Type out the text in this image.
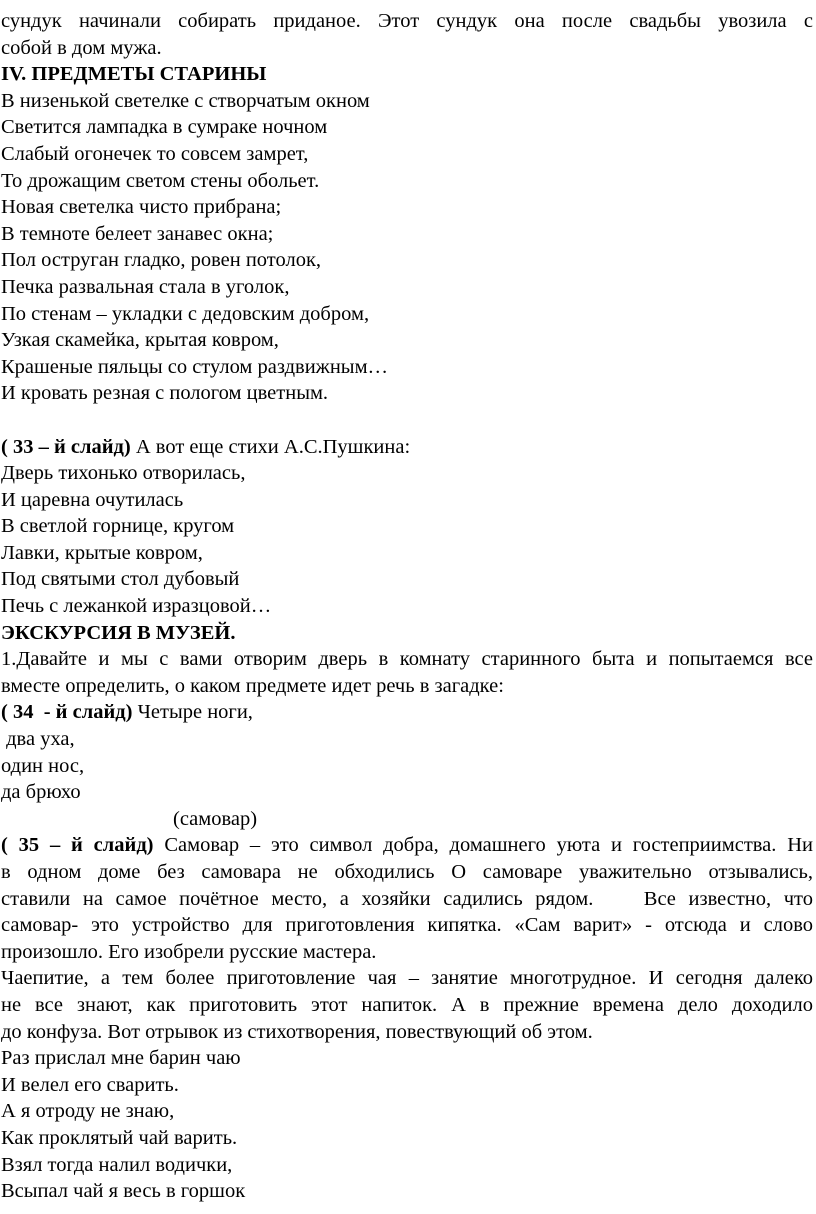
сундук начинали собирать приданое. Этот сундук она после свадьбы увозила с
собой в дом мужа.
IV. ПРЕДМЕТЫ СТАРИНЫ
В низенькой светелке с створчатым окном
Светится лампадка в сумраке ночном
Слабый огонечек то совсем замрет,
То дрожащим светом стены обольет.
Новая светелка чисто прибрана;
В темноте белеет занавес окна;
Пол оструган гладко, ровен потолок,
Печка развальная стала в уголок,
По стенам – укладки с дедовским добром,
Узкая скамейка, крытая ковром,
Крашеные пяльцы со стулом раздвижным…
И кровать резная с пологом цветным.
( 33 – й слайд) А вот еще стихи А.С.Пушкина:
Дверь тихонько отворилась,
И царевна очутилась
В светлой горнице, кругом
Лавки, крытые ковром,
Под святыми стол дубовый
Печь с лежанкой изразцовой…
ЭКСКУРСИЯ В МУЗЕЙ.
1.Давайте и мы с вами отворим дверь в комнату старинного быта и попытаемся все
вместе определить, о каком предмете идет речь в загадке:
( 34  - й слайд) Четыре ноги,
два уха,
один нос,
да брюхо
(самовар)
( 35 – й слайд) Самовар – это символ добра, домашнего уюта и гостеприимства. Ни
в одном доме без самовара не обходились О самоваре уважительно отзывались,
ставили на самое почётное место, а хозяйки садились рядом.    Все известно, что
самовар- это устройство для приготовления кипятка. «Сам варит» - отсюда и слово
произошло. Его изобрели русские мастера.
Чаепитие, а тем более приготовление чая – занятие многотрудное. И сегодня далеко
не все знают, как приготовить этот напиток. А в прежние времена дело доходило
до конфуза. Вот отрывок из стихотворения, повествующий об этом.
Раз прислал мне барин чаю
И велел его сварить.
А я отроду не знаю,
Как проклятый чай варить.
Взял тогда налил водички,
Всыпал чай я весь в горшок
